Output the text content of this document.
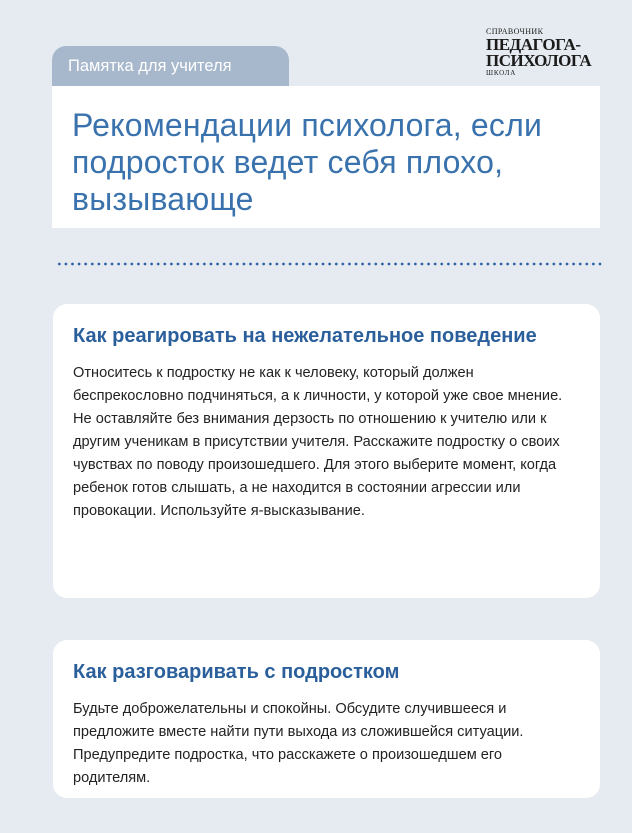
Памятка для учителя
СПРАВОЧНИК
ПЕДАГОГА-
ПСИХОЛОГА
ШКОЛА
Рекомендации психолога, если подросток ведет себя плохо, вызывающе
Как реагировать на нежелательное поведение

Относитесь к подростку не как к человеку, который должен беспрекословно подчиняться, а к личности, у которой уже свое мнение.

Не оставляйте без внимания дерзость по отношению к учителю или к другим ученикам в присутствии учителя. Расскажите подростку о своих чувствах по поводу произошедшего. Для этого выберите момент, когда ребенок готов слышать, а не находится в состоянии агрессии или провокации. Используйте я-высказывание.

Как разговаривать с подростком

Будьте доброжелательны и спокойны. Обсудите случившееся и предложите вместе найти пути выхода из сложившейся ситуации. Предупредите подростка, что расскажете о произошедшем его родителям.
